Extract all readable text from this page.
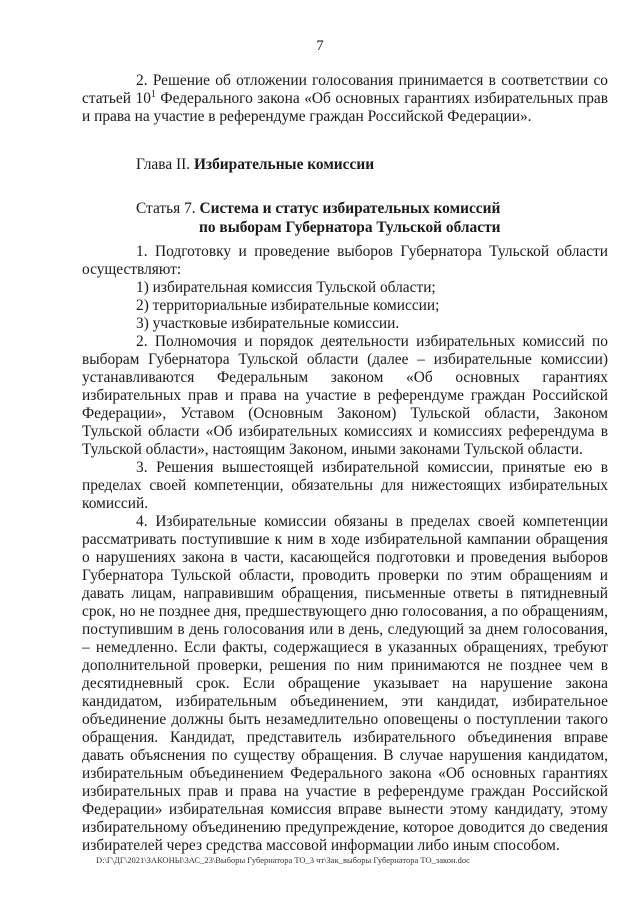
7
2. Решение об отложении голосования принимается в соответствии со статьей $10^1$ Федерального закона «Об основных гарантиях избирательных прав и права на участие в референдуме граждан Российской Федерации».
Глава II. Избирательные комиссии
Статья 7. Система и статус избирательных комиссий
по выборам Губернатора Тульской области

1. Подготовку и проведение выборов Губернатора Тульской области осуществляют:

1) избирательная комиссия Тульской области;

2) территориальные избирательные комиссии;

3) участковые избирательные комиссии.

2. Полномочия и порядок деятельности избирательных комиссий по выборам Губернатора Тульской области (далее – избирательные комиссии) устанавливаются Федеральным законом «Об основных гарантиях избирательных прав и права на участие в референдуме граждан Российской Федерации», Уставом (Основным Законом) Тульской области, Законом Тульской области «Об избирательных комиссиях и комиссиях референдума в Тульской области», настоящим Законом, иными законами Тульской области.

3. Решения вышестоящей избирательной комиссии, принятые ею в пределах своей компетенции, обязательны для нижестоящих избирательных комиссий.

4. Избирательные комиссии обязаны в пределах своей компетенции рассматривать поступившие к ним в ходе избирательной кампании обращения о нарушениях закона в части, касающейся подготовки и проведения выборов Губернатора Тульской области, проводить проверки по этим обращениям и давать лицам, направившим обращения, письменные ответы в пятидневный срок, но не позднее дня, предшествующего дню голосования, а по обращениям, поступившим в день голосования или в день, следующий за днем голосования, – немедленно. Если факты, содержащиеся в указанных обращениях, требуют дополнительной проверки, решения по ним принимаются не позднее чем в десятидневный срок. Если обращение указывает на нарушение закона кандидатом, избирательным объединением, эти кандидат, избирательное объединение должны быть незамедлительно оповещены о поступлении такого обращения. Кандидат, представитель избирательного объединения вправе давать объяснения по существу обращения. В случае нарушения кандидатом, избирательным объединением Федерального закона «Об основных гарантиях избирательных прав и права на участие в референдуме граждан Российской Федерации» избирательная комиссия вправе вынести этому кандидату, этому избирательному объединению предупреждение, которое доводится до сведения избирателей через средства массовой информации либо иным способом.

D:\Г\ДГ\2021\ЗАКОНЫ\ЗАС_23\Выборы Губернатора ТО_3 чт\Зак_выборы Губернатора ТО_закон.doc
